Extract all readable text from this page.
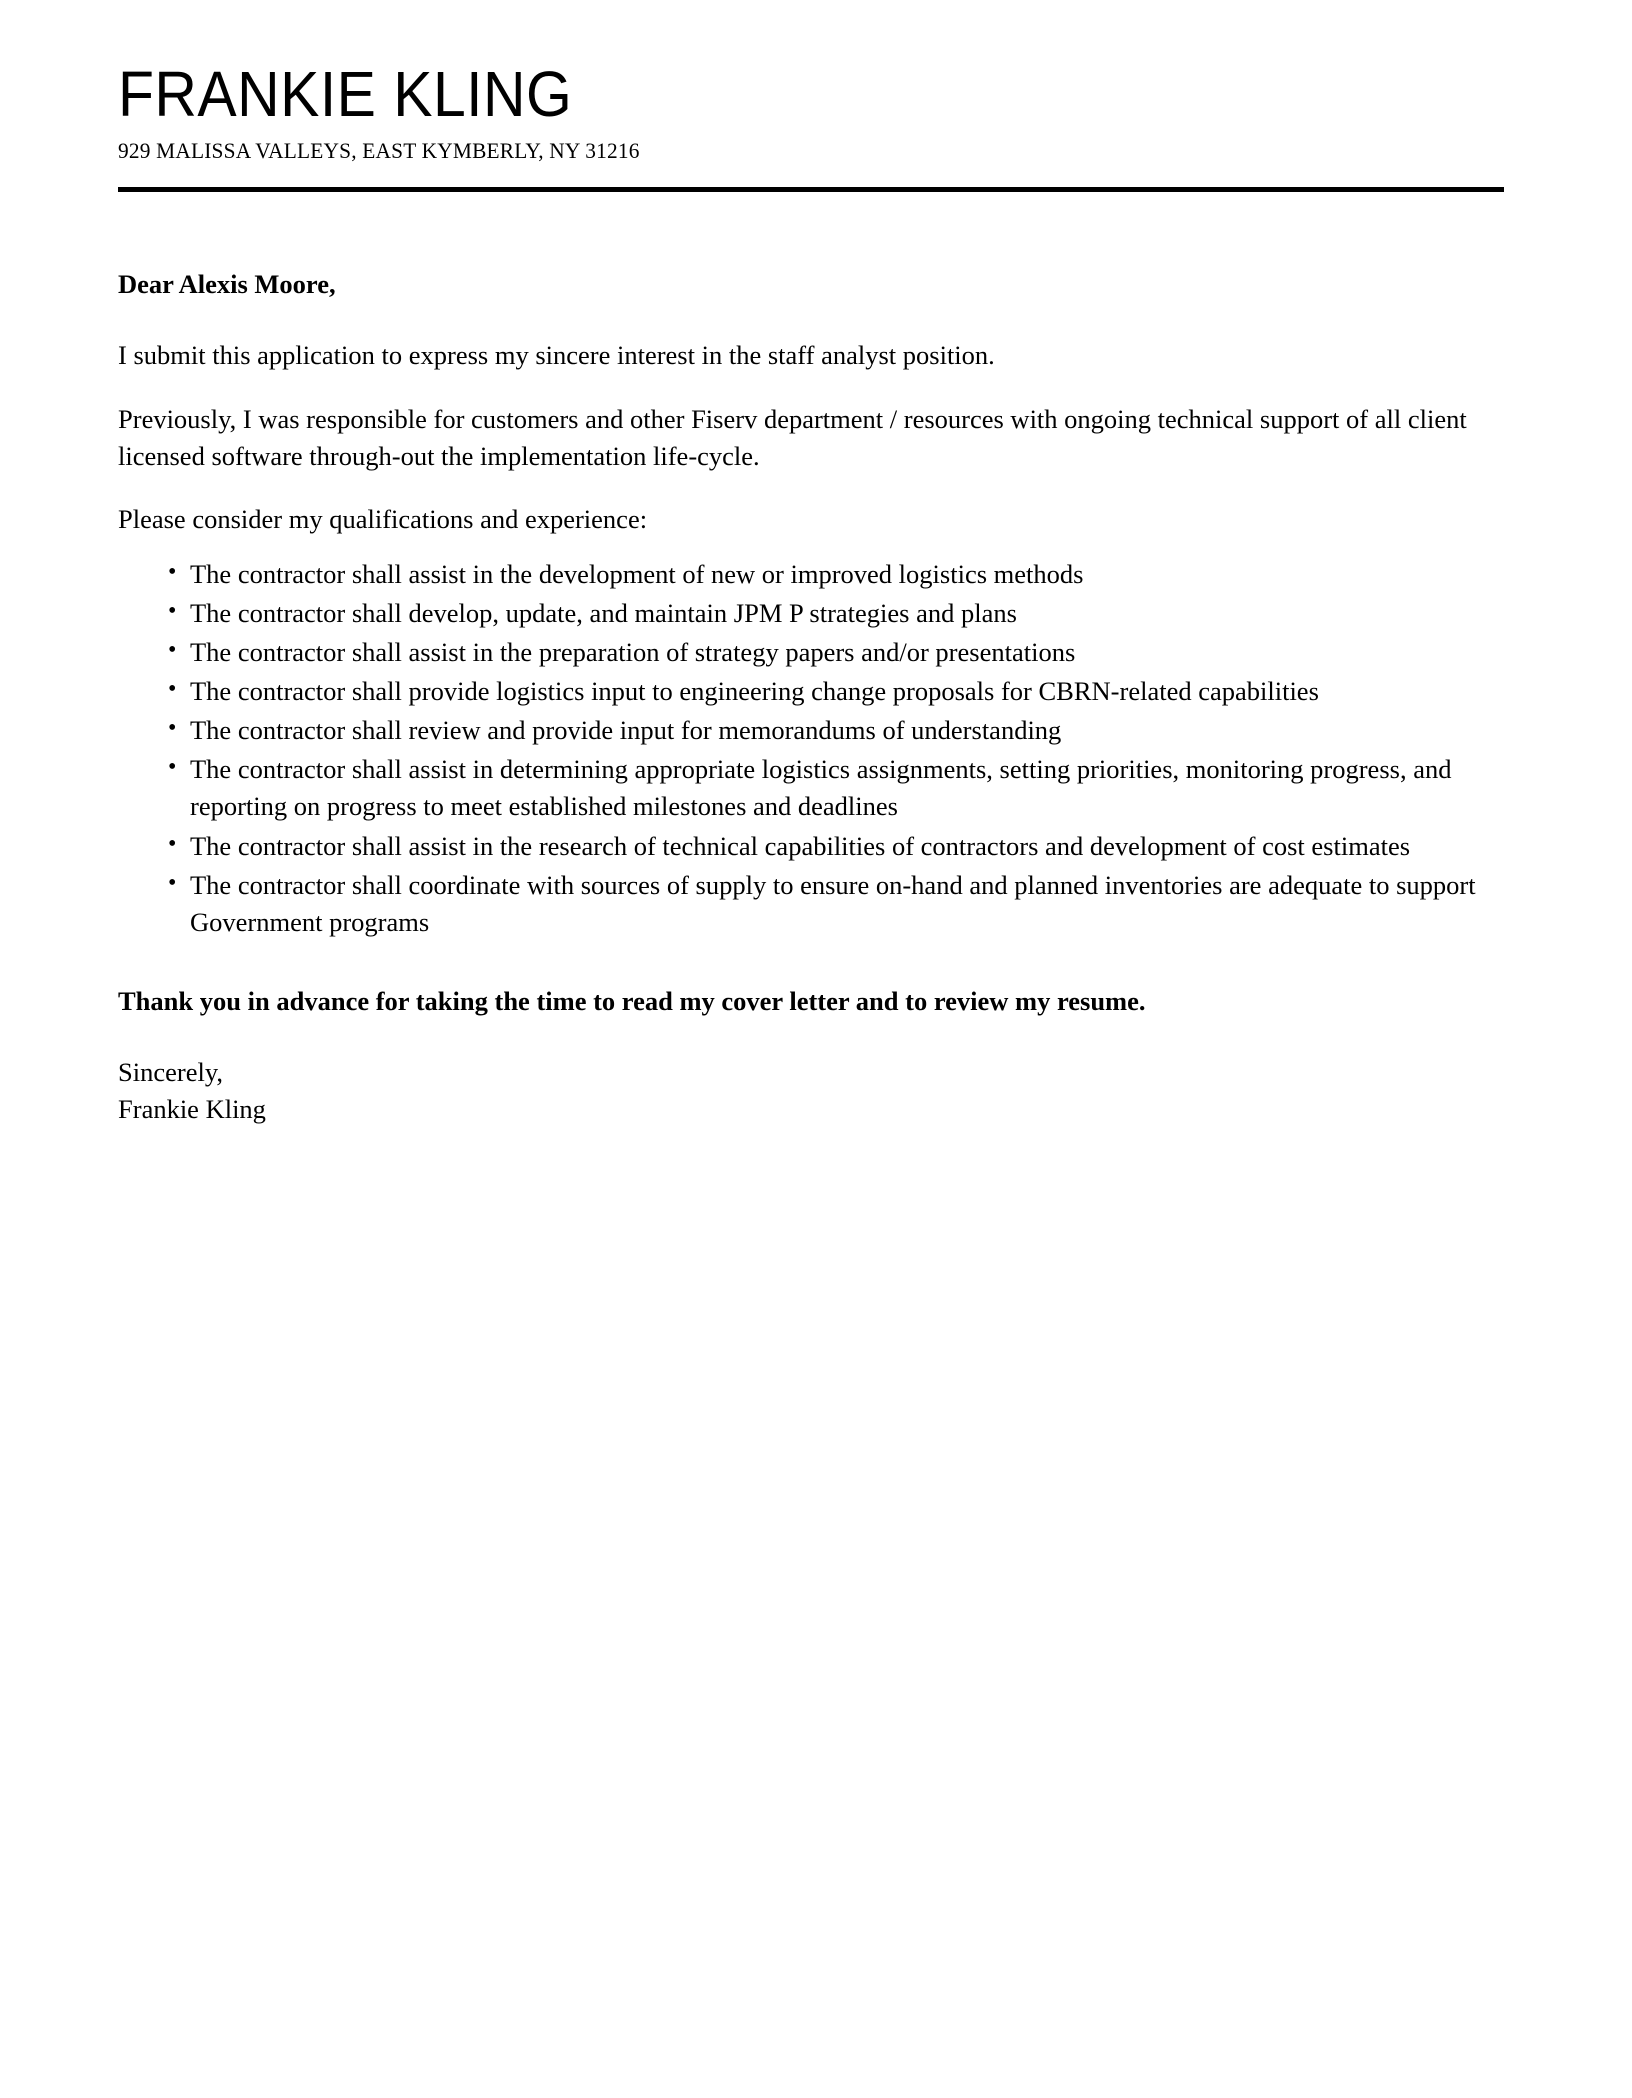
FRANKIE KLING
929 MALISSA VALLEYS, EAST KYMBERLY, NY 31216

Dear Alexis Moore,

I submit this application to express my sincere interest in the staff analyst position.

Previously, I was responsible for customers and other Fiserv department / resources with ongoing technical support of all client licensed software through-out the implementation life-cycle.

Please consider my qualifications and experience:

• The contractor shall assist in the development of new or improved logistics methods
• The contractor shall develop, update, and maintain JPM P strategies and plans
• The contractor shall assist in the preparation of strategy papers and/or presentations
• The contractor shall provide logistics input to engineering change proposals for CBRN-related capabilities
• The contractor shall review and provide input for memorandums of understanding
• The contractor shall assist in determining appropriate logistics assignments, setting priorities, monitoring progress, and reporting on progress to meet established milestones and deadlines
• The contractor shall assist in the research of technical capabilities of contractors and development of cost estimates
• The contractor shall coordinate with sources of supply to ensure on-hand and planned inventories are adequate to support Government programs

Thank you in advance for taking the time to read my cover letter and to review my resume.

Sincerely,
Frankie Kling
